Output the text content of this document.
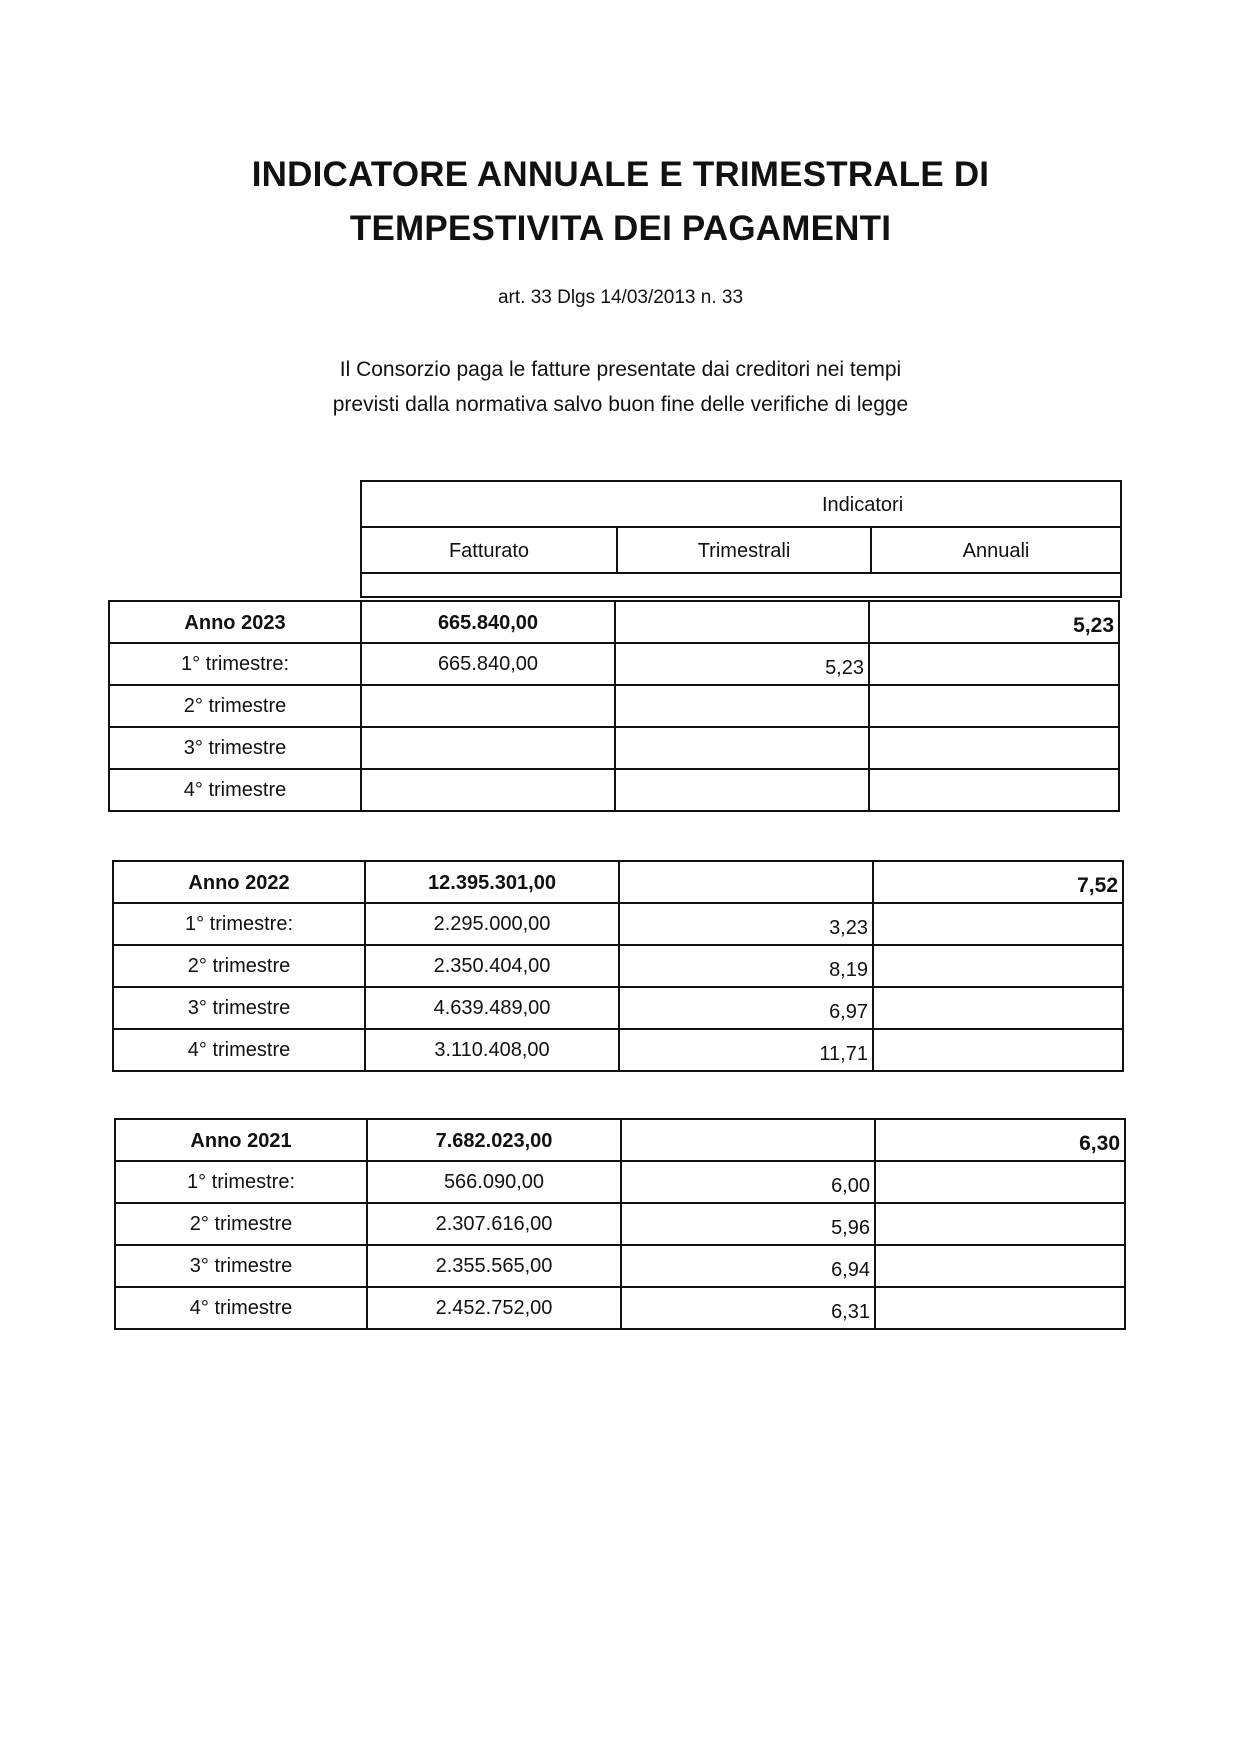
INDICATORE ANNUALE E TRIMESTRALE DI
TEMPESTIVITA DEI PAGAMENTI
art. 33 Dlgs 14/03/2013 n. 33
Il Consorzio paga le fatture presentate dai creditori nei tempi
previsti dalla normativa salvo buon fine delle verifiche di legge
Indicatori
Fatturato	Trimestrali	Annuali
Anno 2023	665.840,00		5,23
1° trimestre:	665.840,00	5,23	
2° trimestre			
3° trimestre			
4° trimestre			
Anno 2022	12.395.301,00		7,52
1° trimestre:	2.295.000,00	3,23	
2° trimestre	2.350.404,00	8,19	
3° trimestre	4.639.489,00	6,97	
4° trimestre	3.110.408,00	11,71	
Anno 2021	7.682.023,00		6,30
1° trimestre:	566.090,00	6,00	
2° trimestre	2.307.616,00	5,96	
3° trimestre	2.355.565,00	6,94	
4° trimestre	2.452.752,00	6,31	
